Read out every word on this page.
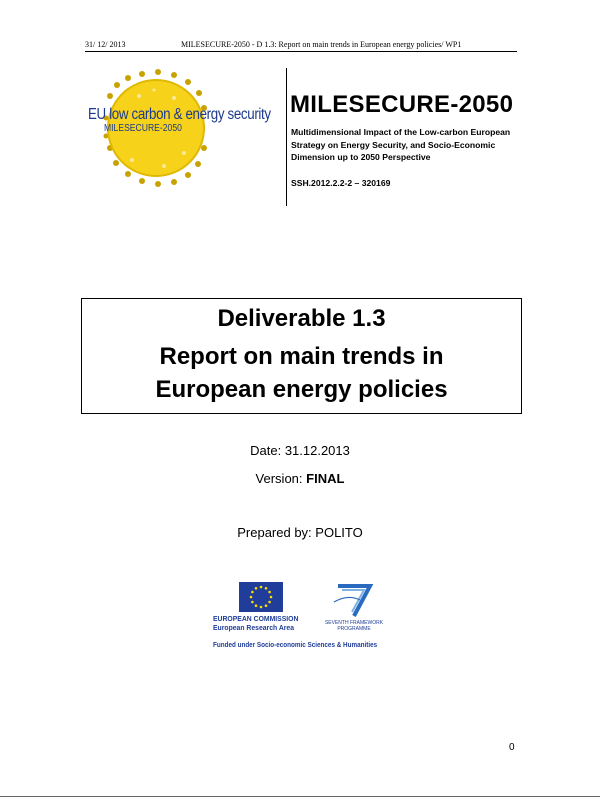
31/ 12/ 2013	MILESECURE-2050 - D 1.3: Report on main trends in European energy policies/ WP1
EU low carbon & energy security
MILESECURE-2050
MILESECURE-2050
Multidimensional Impact of the Low-carbon European Strategy on Energy Security, and Socio-Economic Dimension up to 2050 Perspective
SSH.2012.2.2-2 – 320169
Deliverable 1.3
Report on main trends in
European energy policies
Date: 31.12.2013
Version: FINAL
Prepared by: POLITO
EUROPEAN COMMISSION
European Research Area	SEVENTH FRAMEWORK
PROGRAMME
Funded under Socio-economic Sciences & Humanities
0
